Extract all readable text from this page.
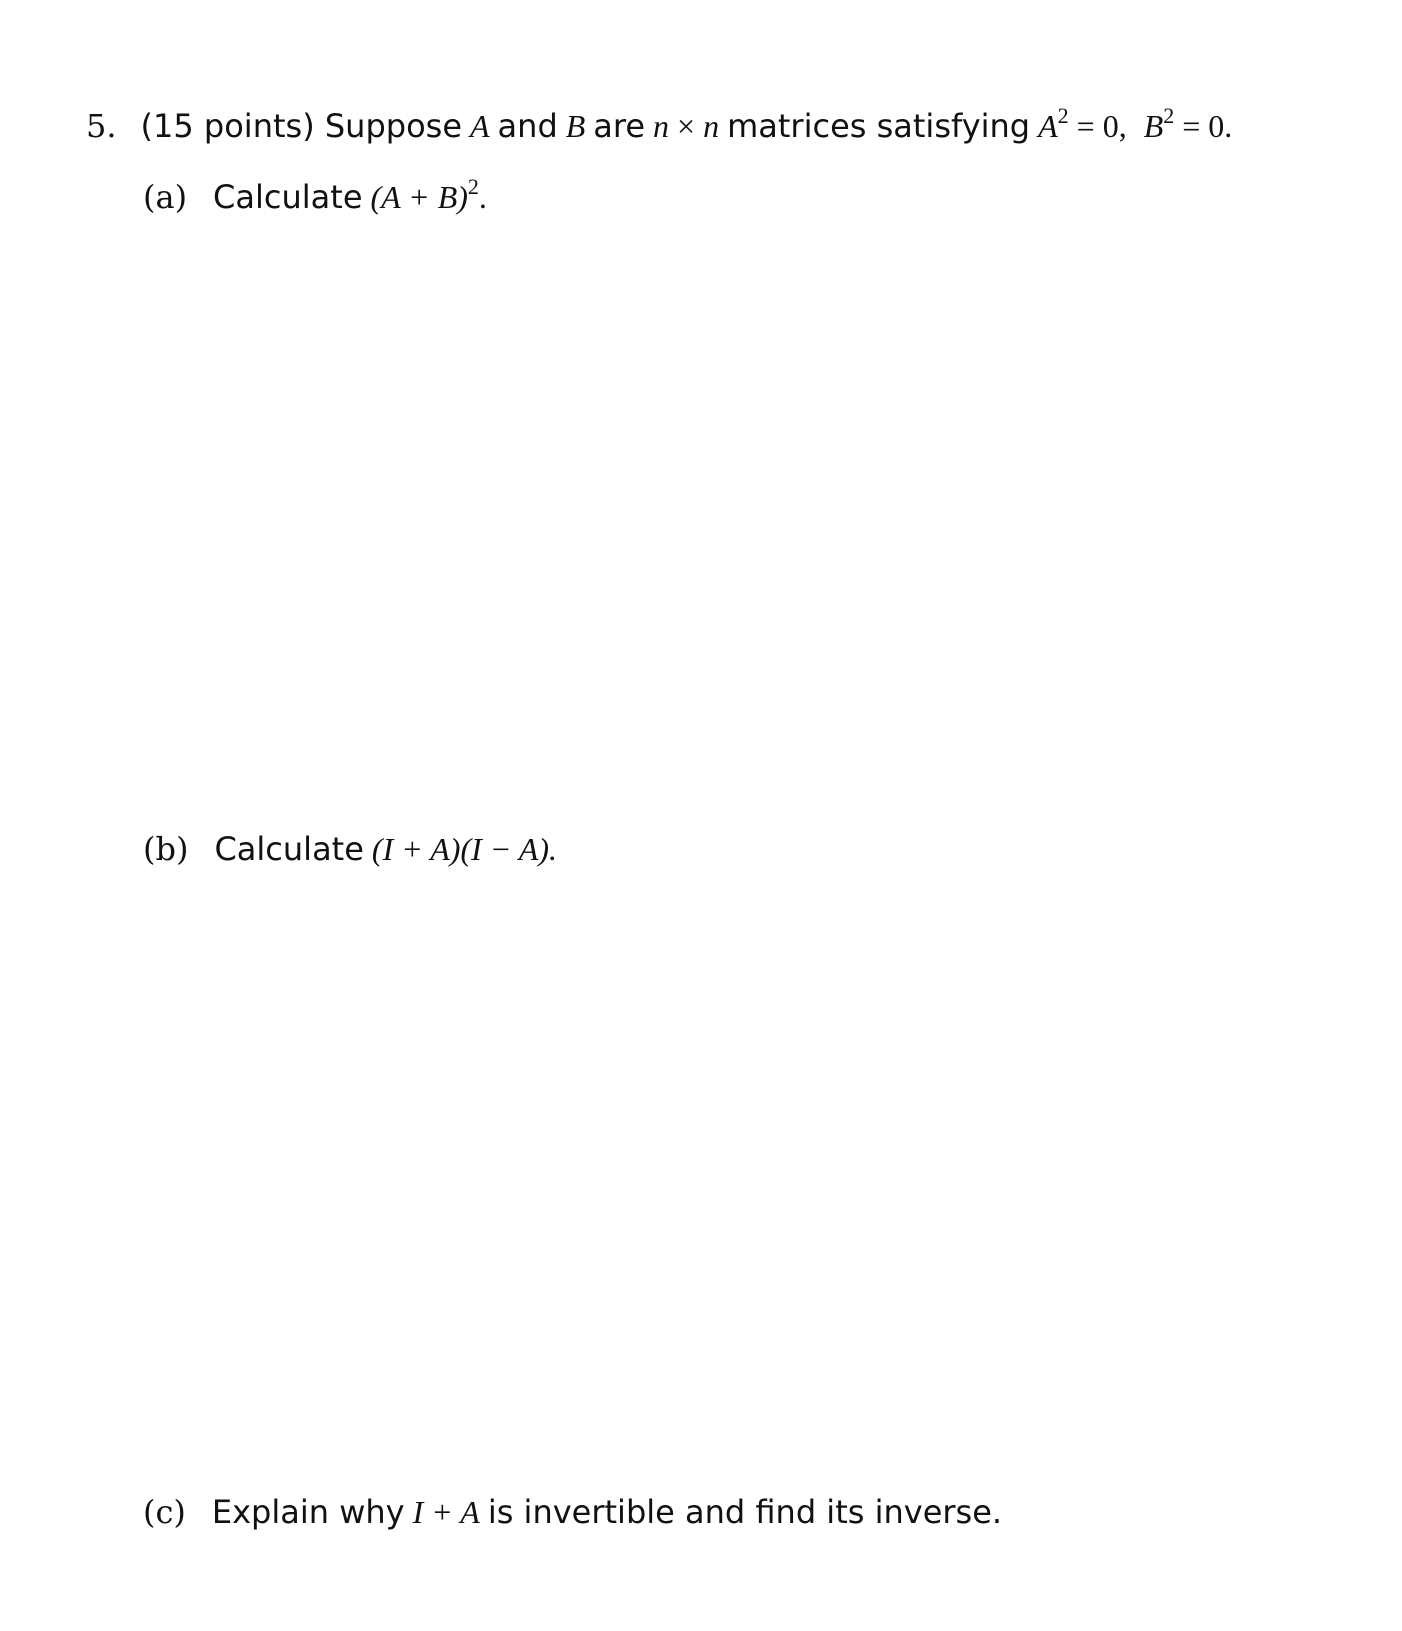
5. (15 points) Suppose A and B are n × n matrices satisfying $A^2 = 0$, $B^2 = 0$.
(a) Calculate $(A + B)^2$.
(b) Calculate (I + A)(I − A).
(c) Explain why I + A is invertible and find its inverse.
